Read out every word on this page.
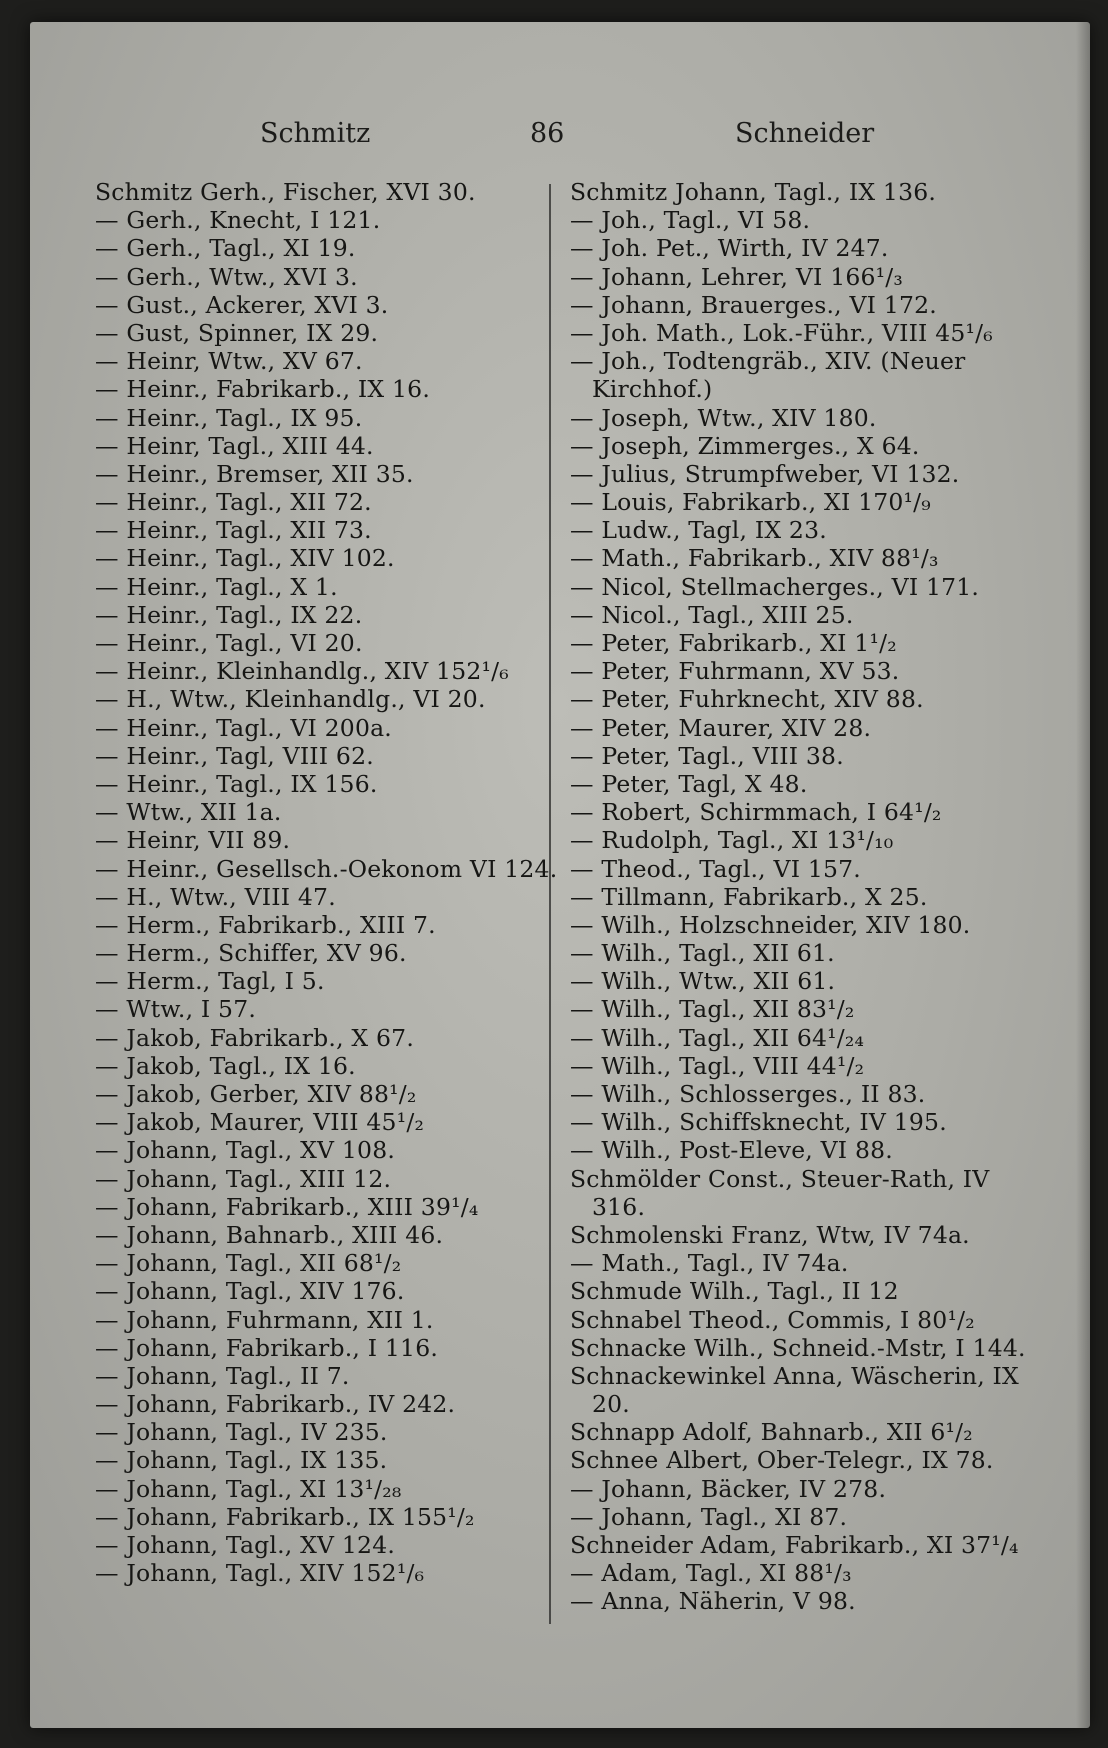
Schmitz	86	Schneider
Schmitz Gerh., Fischer, XVI 30.
— Gerh., Knecht, I 121.
— Gerh., Tagl., XI 19.
— Gerh., Wtw., XVI 3.
— Gust., Ackerer, XVI 3.
— Gust, Spinner, IX 29.
— Heinr, Wtw., XV 67.
— Heinr., Fabrikarb., IX 16.
— Heinr., Tagl., IX 95.
— Heinr, Tagl., XIII 44.
— Heinr., Bremser, XII 35.
— Heinr., Tagl., XII 72.
— Heinr., Tagl., XII 73.
— Heinr., Tagl., XIV 102.
— Heinr., Tagl., X 1.
— Heinr., Tagl., IX 22.
— Heinr., Tagl., VI 20.
— Heinr., Kleinhandlg., XIV 152¹/₆
— H., Wtw., Kleinhandlg., VI 20.
— Heinr., Tagl., VI 200a.
— Heinr., Tagl, VIII 62.
— Heinr., Tagl., IX 156.
— Wtw., XII 1a.
— Heinr, VII 89.
— Heinr., Gesellsch.-Oekonom VI 124.
— H., Wtw., VIII 47.
— Herm., Fabrikarb., XIII 7.
— Herm., Schiffer, XV 96.
— Herm., Tagl, I 5.
— Wtw., I 57.
— Jakob, Fabrikarb., X 67.
— Jakob, Tagl., IX 16.
— Jakob, Gerber, XIV 88¹/₂
— Jakob, Maurer, VIII 45¹/₂
— Johann, Tagl., XV 108.
— Johann, Tagl., XIII 12.
— Johann, Fabrikarb., XIII 39¹/₄
— Johann, Bahnarb., XIII 46.
— Johann, Tagl., XII 68¹/₂
— Johann, Tagl., XIV 176.
— Johann, Fuhrmann, XII 1.
— Johann, Fabrikarb., I 116.
— Johann, Tagl., II 7.
— Johann, Fabrikarb., IV 242.
— Johann, Tagl., IV 235.
— Johann, Tagl., IX 135.
— Johann, Tagl., XI 13¹/₂₈
— Johann, Fabrikarb., IX 155¹/₂
— Johann, Tagl., XV 124.
— Johann, Tagl., XIV 152¹/₆
Schmitz Johann, Tagl., IX 136.
— Joh., Tagl., VI 58.
— Joh. Pet., Wirth, IV 247.
— Johann, Lehrer, VI 166¹/₃
— Johann, Brauerges., VI 172.
— Joh. Math., Lok.-Führ., VIII 45¹/₆
— Joh., Todtengräb., XIV. (Neuer
Kirchhof.)
— Joseph, Wtw., XIV 180.
— Joseph, Zimmerges., X 64.
— Julius, Strumpfweber, VI 132.
— Louis, Fabrikarb., XI 170¹/₉
— Ludw., Tagl, IX 23.
— Math., Fabrikarb., XIV 88¹/₃
— Nicol, Stellmacherges., VI 171.
— Nicol., Tagl., XIII 25.
— Peter, Fabrikarb., XI 1¹/₂
— Peter, Fuhrmann, XV 53.
— Peter, Fuhrknecht, XIV 88.
— Peter, Maurer, XIV 28.
— Peter, Tagl., VIII 38.
— Peter, Tagl, X 48.
— Robert, Schirmmach, I 64¹/₂
— Rudolph, Tagl., XI 13¹/₁₀
— Theod., Tagl., VI 157.
— Tillmann, Fabrikarb., X 25.
— Wilh., Holzschneider, XIV 180.
— Wilh., Tagl., XII 61.
— Wilh., Wtw., XII 61.
— Wilh., Tagl., XII 83¹/₂
— Wilh., Tagl., XII 64¹/₂₄
— Wilh., Tagl., VIII 44¹/₂
— Wilh., Schlosserges., II 83.
— Wilh., Schiffsknecht, IV 195.
— Wilh., Post-Eleve, VI 88.
Schmölder Const., Steuer-Rath, IV
316.
Schmolenski Franz, Wtw, IV 74a.
— Math., Tagl., IV 74a.
Schmude Wilh., Tagl., II 12
Schnabel Theod., Commis, I 80¹/₂
Schnacke Wilh., Schneid.-Mstr, I 144.
Schnackewinkel Anna, Wäscherin, IX
20.
Schnapp Adolf, Bahnarb., XII 6¹/₂
Schnee Albert, Ober-Telegr., IX 78.
— Johann, Bäcker, IV 278.
— Johann, Tagl., XI 87.
Schneider Adam, Fabrikarb., XI 37¹/₄
— Adam, Tagl., XI 88¹/₃
— Anna, Näherin, V 98.
